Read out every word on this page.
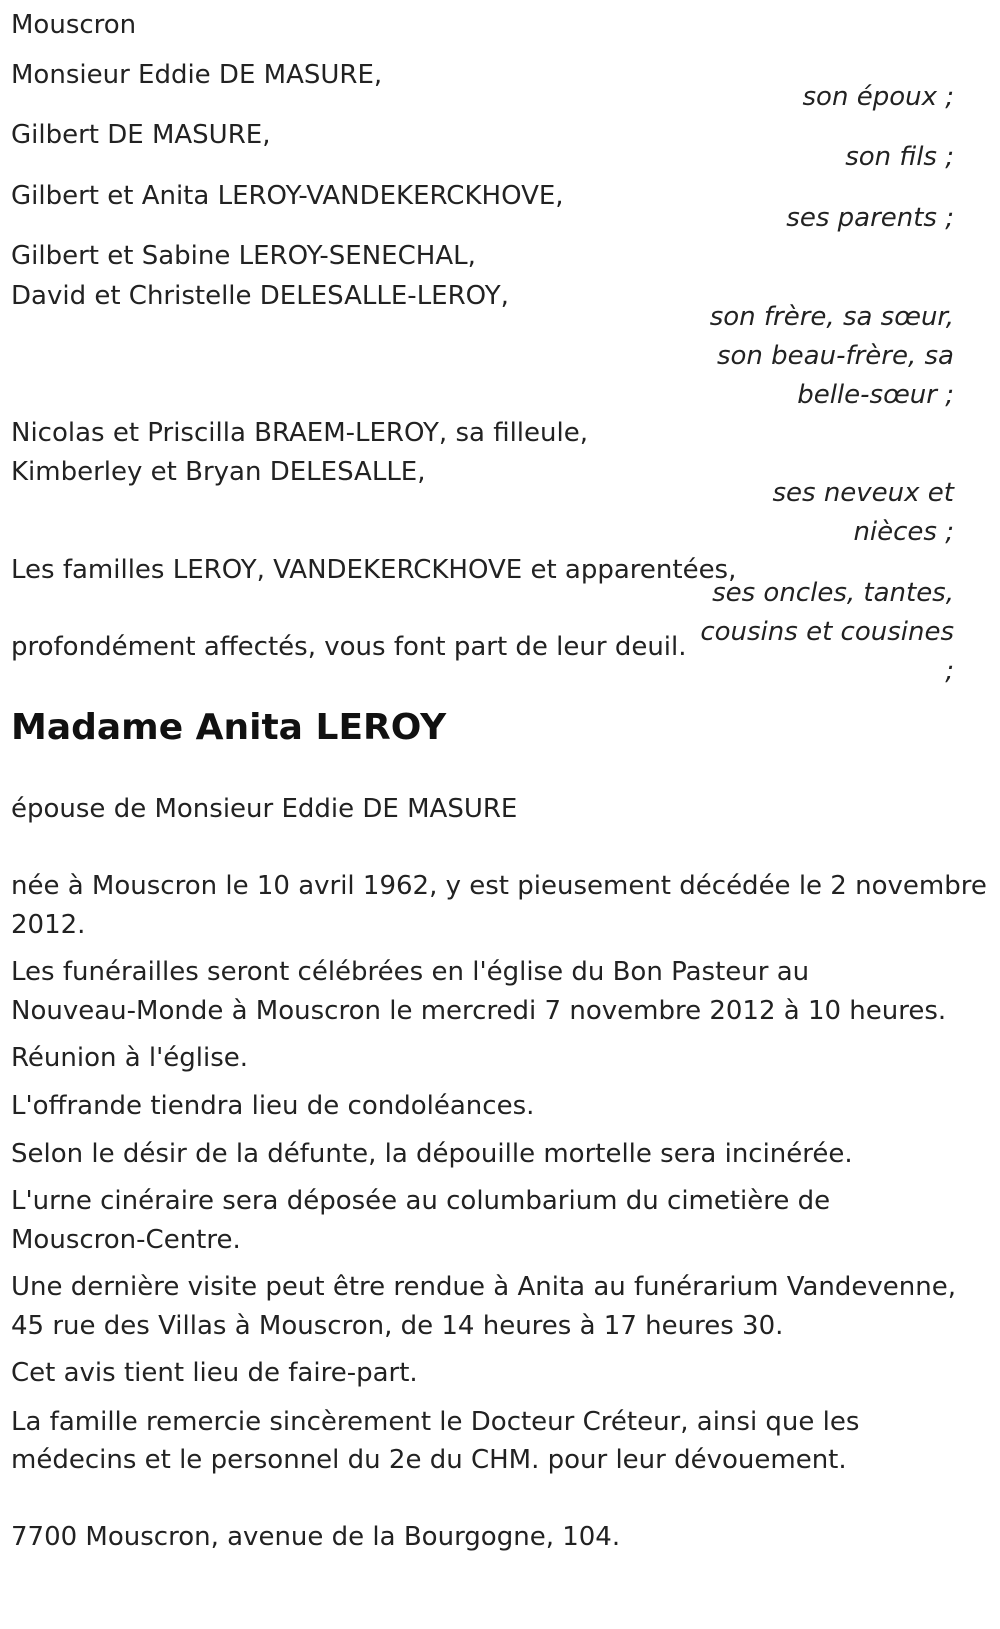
Mouscron
Monsieur Eddie DE MASURE,
son époux ;
Gilbert DE MASURE,
son fils ;
Gilbert et Anita LEROY-VANDEKERCKHOVE,
ses parents ;
Gilbert et Sabine LEROY-SENECHAL,
David et Christelle DELESALLE-LEROY,
son frère, sa sœur,
son beau-frère, sa
belle-sœur ;
Nicolas et Priscilla BRAEM-LEROY, sa filleule,
Kimberley et Bryan DELESALLE,
ses neveux et
nièces ;
Les familles LEROY, VANDEKERCKHOVE et apparentées,
ses oncles, tantes,
cousins et cousines
;
profondément affectés, vous font part de leur deuil.
Madame Anita LEROY
épouse de Monsieur Eddie DE MASURE
née à Mouscron le 10 avril 1962, y est pieusement décédée le 2 novembre
2012.
Les funérailles seront célébrées en l'église du Bon Pasteur au
Nouveau-Monde à Mouscron le mercredi 7 novembre 2012 à 10 heures.
Réunion à l'église.
L'offrande tiendra lieu de condoléances.
Selon le désir de la défunte, la dépouille mortelle sera incinérée.
L'urne cinéraire sera déposée au columbarium du cimetière de
Mouscron-Centre.
Une dernière visite peut être rendue à Anita au funérarium Vandevenne,
45 rue des Villas à Mouscron, de 14 heures à 17 heures 30.
Cet avis tient lieu de faire-part.
La famille remercie sincèrement le Docteur Créteur, ainsi que les
médecins et le personnel du 2e du CHM. pour leur dévouement.
7700 Mouscron, avenue de la Bourgogne, 104.
